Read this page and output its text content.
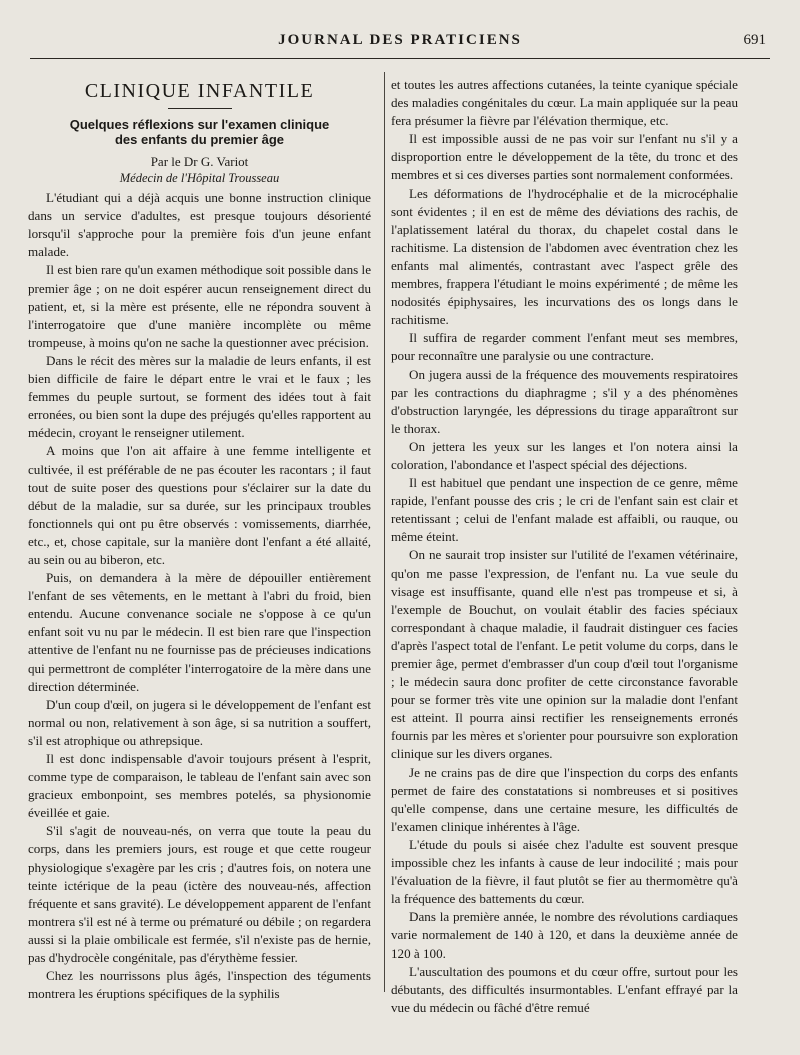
JOURNAL DES PRATICIENS	691
CLINIQUE INFANTILE
Quelques réflexions sur l'examen clinique
des enfants du premier âge
Par le Dr G. Variot
Médecin de l'Hôpital Trousseau

L'étudiant qui a déjà acquis une bonne instruction clinique dans un service d'adultes, est presque toujours désorienté lorsqu'il s'approche pour la première fois d'un jeune enfant malade.

Il est bien rare qu'un examen méthodique soit possible dans le premier âge ; on ne doit espérer aucun renseignement direct du patient, et, si la mère est présente, elle ne répondra souvent à l'interrogatoire que d'une manière incomplète ou même trompeuse, à moins qu'on ne sache la questionner avec précision.

Dans le récit des mères sur la maladie de leurs enfants, il est bien difficile de faire le départ entre le vrai et le faux ; les femmes du peuple surtout, se forment des idées tout à fait erronées, ou bien sont la dupe des préjugés qu'elles rapportent au médecin, croyant le renseigner utilement.

A moins que l'on ait affaire à une femme intelligente et cultivée, il est préférable de ne pas écouter les racontars ; il faut tout de suite poser des questions pour s'éclairer sur la date du début de la maladie, sur sa durée, sur les principaux troubles fonctionnels qui ont pu être observés : vomissements, diarrhée, etc., et, chose capitale, sur la manière dont l'enfant a été allaité, au sein ou au biberon, etc.

Puis, on demandera à la mère de dépouiller entièrement l'enfant de ses vêtements, en le mettant à l'abri du froid, bien entendu. Aucune convenance sociale ne s'oppose à ce qu'un enfant soit vu nu par le médecin. Il est bien rare que l'inspection attentive de l'enfant nu ne fournisse pas de précieuses indications qui permettront de compléter l'interrogatoire de la mère dans une direction déterminée.

D'un coup d'œil, on jugera si le développement de l'enfant est normal ou non, relativement à son âge, si sa nutrition a souffert, s'il est atrophique ou athrepsique.

Il est donc indispensable d'avoir toujours présent à l'esprit, comme type de comparaison, le tableau de l'enfant sain avec son gracieux embonpoint, ses membres potelés, sa physionomie éveillée et gaie.

S'il s'agit de nouveau-nés, on verra que toute la peau du corps, dans les premiers jours, est rouge et que cette rougeur physiologique s'exagère par les cris ; d'autres fois, on notera une teinte ictérique de la peau (ictère des nouveau-nés, affection fréquente et sans gravité). Le développement apparent de l'enfant montrera s'il est né à terme ou prématuré ou débile ; on regardera aussi si la plaie ombilicale est fermée, s'il n'existe pas de hernie, pas d'hydrocèle congénitale, pas d'érythème fessier.

Chez les nourrissons plus âgés, l'inspection des téguments montrera les éruptions spécifiques de la syphilis

et toutes les autres affections cutanées, la teinte cyanique spéciale des maladies congénitales du cœur. La main appliquée sur la peau fera présumer la fièvre par l'élévation thermique, etc.

Il est impossible aussi de ne pas voir sur l'enfant nu s'il y a disproportion entre le développement de la tête, du tronc et des membres et si ces diverses parties sont normalement conformées.

Les déformations de l'hydrocéphalie et de la microcéphalie sont évidentes ; il en est de même des déviations des rachis, de l'aplatissement latéral du thorax, du chapelet costal dans le rachitisme. La distension de l'abdomen avec éventration chez les enfants mal alimentés, contrastant avec l'aspect grêle des membres, frappera l'étudiant le moins expérimenté ; de même les nodosités épiphysaires, les incurvations des os longs dans le rachitisme.

Il suffira de regarder comment l'enfant meut ses membres, pour reconnaître une paralysie ou une contracture.

On jugera aussi de la fréquence des mouvements respiratoires par les contractions du diaphragme ; s'il y a des phénomènes d'obstruction laryngée, les dépressions du tirage apparaîtront sur le thorax.

On jettera les yeux sur les langes et l'on notera ainsi la coloration, l'abondance et l'aspect spécial des déjections.

Il est habituel que pendant une inspection de ce genre, même rapide, l'enfant pousse des cris ; le cri de l'enfant sain est clair et retentissant ; celui de l'enfant malade est affaibli, ou rauque, ou même éteint.

On ne saurait trop insister sur l'utilité de l'examen vétérinaire, qu'on me passe l'expression, de l'enfant nu. La vue seule du visage est insuffisante, quand elle n'est pas trompeuse et si, à l'exemple de Bouchut, on voulait établir des facies spéciaux correspondant à chaque maladie, il faudrait distinguer ces facies d'après l'aspect total de l'enfant. Le petit volume du corps, dans le premier âge, permet d'embrasser d'un coup d'œil tout l'organisme ; le médecin saura donc profiter de cette circonstance favorable pour se former très vite une opinion sur la maladie dont l'enfant est atteint. Il pourra ainsi rectifier les renseignements erronés fournis par les mères et s'orienter pour poursuivre son exploration clinique sur les divers organes.

Je ne crains pas de dire que l'inspection du corps des enfants permet de faire des constatations si nombreuses et si positives qu'elle compense, dans une certaine mesure, les difficultés de l'examen clinique inhérentes à l'âge.

L'étude du pouls si aisée chez l'adulte est souvent presque impossible chez les infants à cause de leur indocilité ; mais pour l'évaluation de la fièvre, il faut plutôt se fier au thermomètre qu'à la fréquence des battements du cœur.

Dans la première année, le nombre des révolutions cardiaques varie normalement de 140 à 120, et dans la deuxième année de 120 à 100.

L'auscultation des poumons et du cœur offre, surtout pour les débutants, des difficultés insurmontables. L'enfant effrayé par la vue du médecin ou fâché d'être remué
